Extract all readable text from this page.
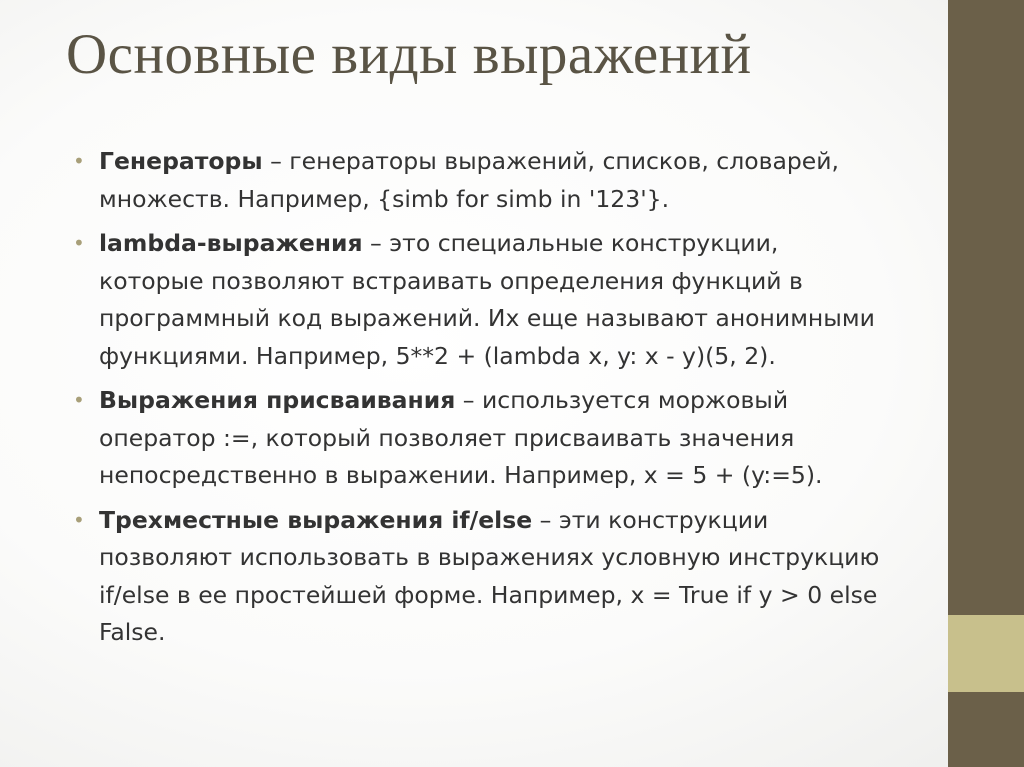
Основные виды выражений
• Генераторы – генераторы выражений, списков, словарей, множеств. Например, {simb for simb in '123'}.
• lambda-выражения – это специальные конструкции, которые позволяют встраивать определения функций в программный код выражений. Их еще называют анонимными функциями. Например, 5**2 + (lambda x, y: x - y)(5, 2).
• Выражения присваивания – используется моржовый оператор :=, который позволяет присваивать значения непосредственно в выражении. Например, x = 5 + (y:=5).
• Трехместные выражения if/else – эти конструкции позволяют использовать в выражениях условную инструкцию if/else в ее простейшей форме. Например, x = True if y > 0 else False.
